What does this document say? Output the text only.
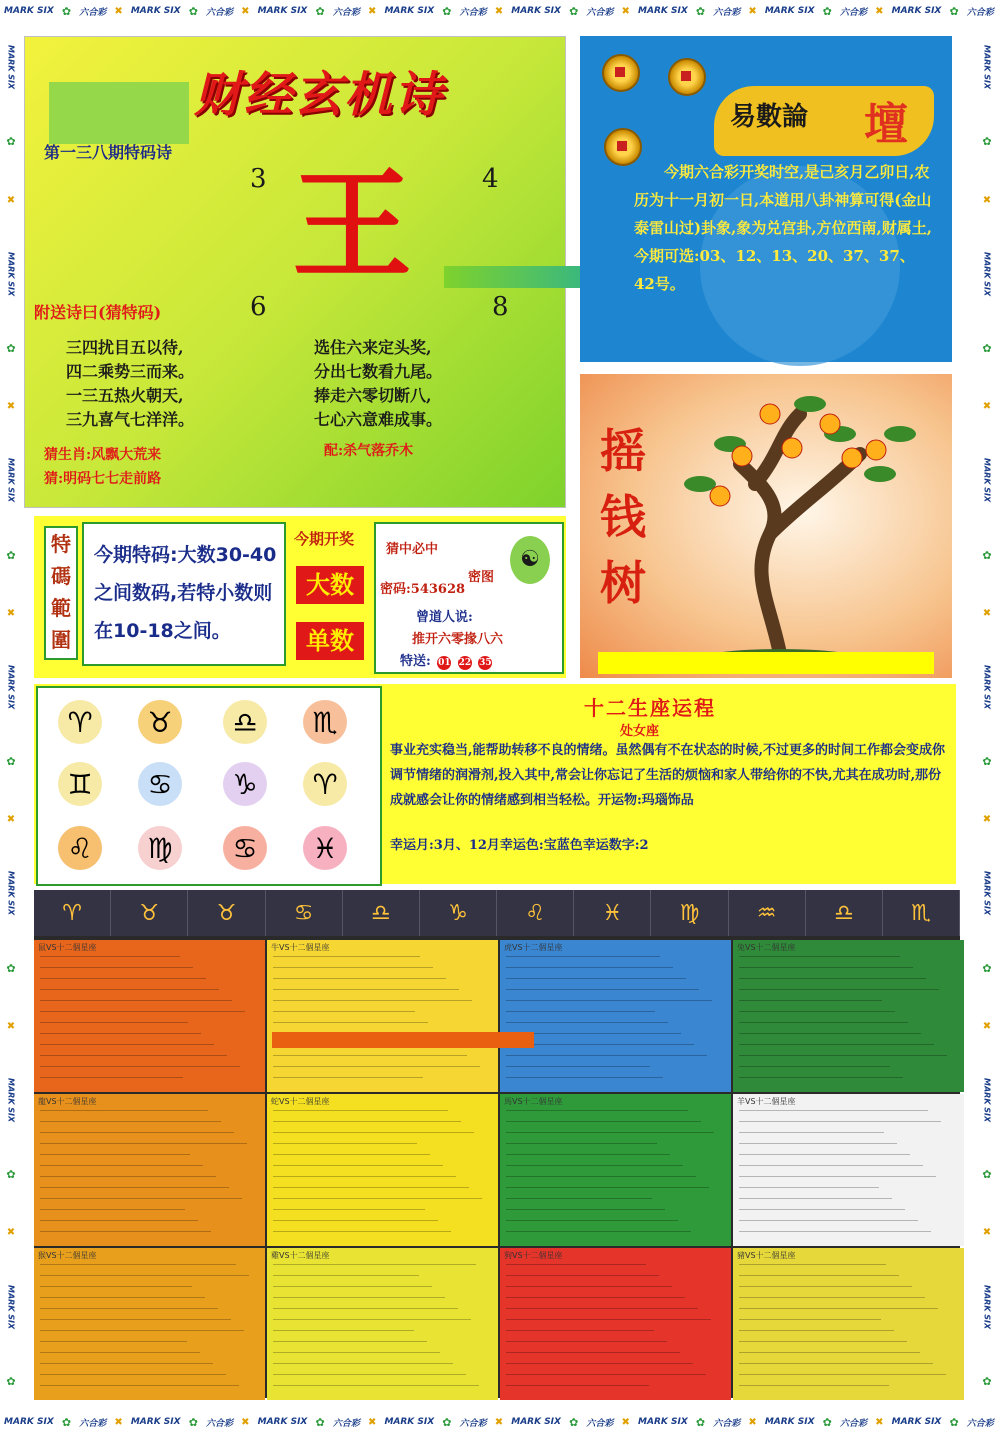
MARK SIX ✿ 六合彩 ✖ MARK SIX ✿ 六合彩 ✖ MARK SIX ✿ 六合彩 ✖ MARK SIX ✿ 六合彩 ✖ MARK SIX ✿ 六合彩 ✖ MARK SIX ✿ 六合彩 ✖ MARK SIX ✿ 六合彩 ✖ MARK SIX ✿ 六合彩
MARK SIX ✿ 六合彩 ✖ MARK SIX ✿ 六合彩 ✖ MARK SIX ✿ 六合彩 ✖ MARK SIX ✿ 六合彩 ✖ MARK SIX ✿ 六合彩 ✖ MARK SIX ✿ 六合彩 ✖ MARK SIX ✿ 六合彩 ✖ MARK SIX ✿ 六合彩
MARK SIX
✿
✖
MARK SIX
✿
✖
MARK SIX
✿
✖
MARK SIX
✿
✖
MARK SIX
✿
✖
MARK SIX
✿
✖
MARK SIX
✿
MARK SIX
✿
✖
MARK SIX
✿
✖
MARK SIX
✿
✖
MARK SIX
✿
✖
MARK SIX
✿
✖
MARK SIX
✿
✖
MARK SIX
✿
财经玄机诗
第一三八期特码诗
3	4
王
6	8
附送诗曰(猜特码)
三四扰目五以待,
四二乘势三而来。
一三五热火朝天,
三九喜气七洋洋。
选住六来定头奖,
分出七数看九尾。
捧走六零切断八,
七心六意难成事。
猜生肖:风飘大荒来	配:杀气落乔木
猜:明码七七走前路
易數論 壇
今期六合彩开奖时空,是己亥月乙卯日,农历为十一月初一日,本道用八卦神算可得(金山泰雷山过)卦象,象为兑宫卦,方位西南,财属土,今期可选:03、12、13、20、37、37、42号。
摇
钱
树
特
碼
範
圍
今期特码:大数30-40之间数码,若特小数则在10-18之间。
今期开奖
大数
单数
猜中必中
密图
☯
密码:543628
曾道人说:
推开六零掾八六
特送: 01 22 35
♈	♉	♎	♏
♊	♋	♑	♈
♌	♍	♋	♓
十二生座运程
处女座
事业充实稳当,能帮助转移不良的情绪。虽然偶有不在状态的时候,不过更多的时间工作都会变成你调节情绪的润滑剂,投入其中,常会让你忘记了生活的烦恼和家人带给你的不快,尤其在成功时,那份成就感会让你的情绪感到相当轻松。开运物:玛瑙饰品
幸运月:3月、12月幸运色:宝蓝色幸运数字:2
♈	♉	♉	♋	♎	♑	♌	♓	♍	♒	♎	♏
鼠VS十二個星座	牛VS十二個星座	虎VS十二個星座	兔VS十二個星座
龍VS十二個星座	蛇VS十二個星座	馬VS十二個星座	羊VS十二個星座
猴VS十二個星座	雞VS十二個星座	狗VS十二個星座	豬VS十二個星座
